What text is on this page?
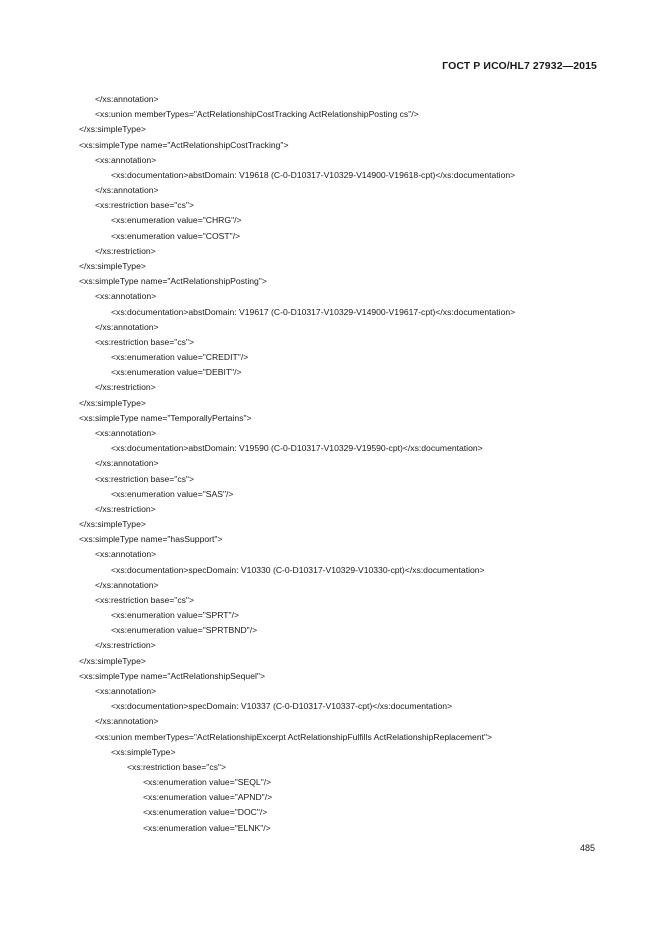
ГОСТ Р ИСО/HL7 27932—2015
</xs:annotation>
<xs:union memberTypes="ActRelationshipCostTracking ActRelationshipPosting cs"/>
</xs:simpleType>
<xs:simpleType name="ActRelationshipCostTracking">
<xs:annotation>
<xs:documentation>abstDomain: V19618 (C-0-D10317-V10329-V14900-V19618-cpt)</xs:documentation>
</xs:annotation>
<xs:restriction base="cs">
<xs:enumeration value="CHRG"/>
<xs:enumeration value="COST"/>
</xs:restriction>
</xs:simpleType>
<xs:simpleType name="ActRelationshipPosting">
<xs:annotation>
<xs:documentation>abstDomain: V19617 (C-0-D10317-V10329-V14900-V19617-cpt)</xs:documentation>
</xs:annotation>
<xs:restriction base="cs">
<xs:enumeration value="CREDIT"/>
<xs:enumeration value="DEBIT"/>
</xs:restriction>
</xs:simpleType>
<xs:simpleType name="TemporallyPertains">
<xs:annotation>
<xs:documentation>abstDomain: V19590 (C-0-D10317-V10329-V19590-cpt)</xs:documentation>
</xs:annotation>
<xs:restriction base="cs">
<xs:enumeration value="SAS"/>
</xs:restriction>
</xs:simpleType>
<xs:simpleType name="hasSupport">
<xs:annotation>
<xs:documentation>specDomain: V10330 (C-0-D10317-V10329-V10330-cpt)</xs:documentation>
</xs:annotation>
<xs:restriction base="cs">
<xs:enumeration value="SPRT"/>
<xs:enumeration value="SPRTBND"/>
</xs:restriction>
</xs:simpleType>
<xs:simpleType name="ActRelationshipSequel">
<xs:annotation>
<xs:documentation>specDomain: V10337 (C-0-D10317-V10337-cpt)</xs:documentation>
</xs:annotation>
<xs:union memberTypes="ActRelationshipExcerpt ActRelationshipFulfills ActRelationshipReplacement">
<xs:simpleType>
<xs:restriction base="cs">
<xs:enumeration value="SEQL"/>
<xs:enumeration value="APND"/>
<xs:enumeration value="DOC"/>
<xs:enumeration value="ELNK"/>
485
